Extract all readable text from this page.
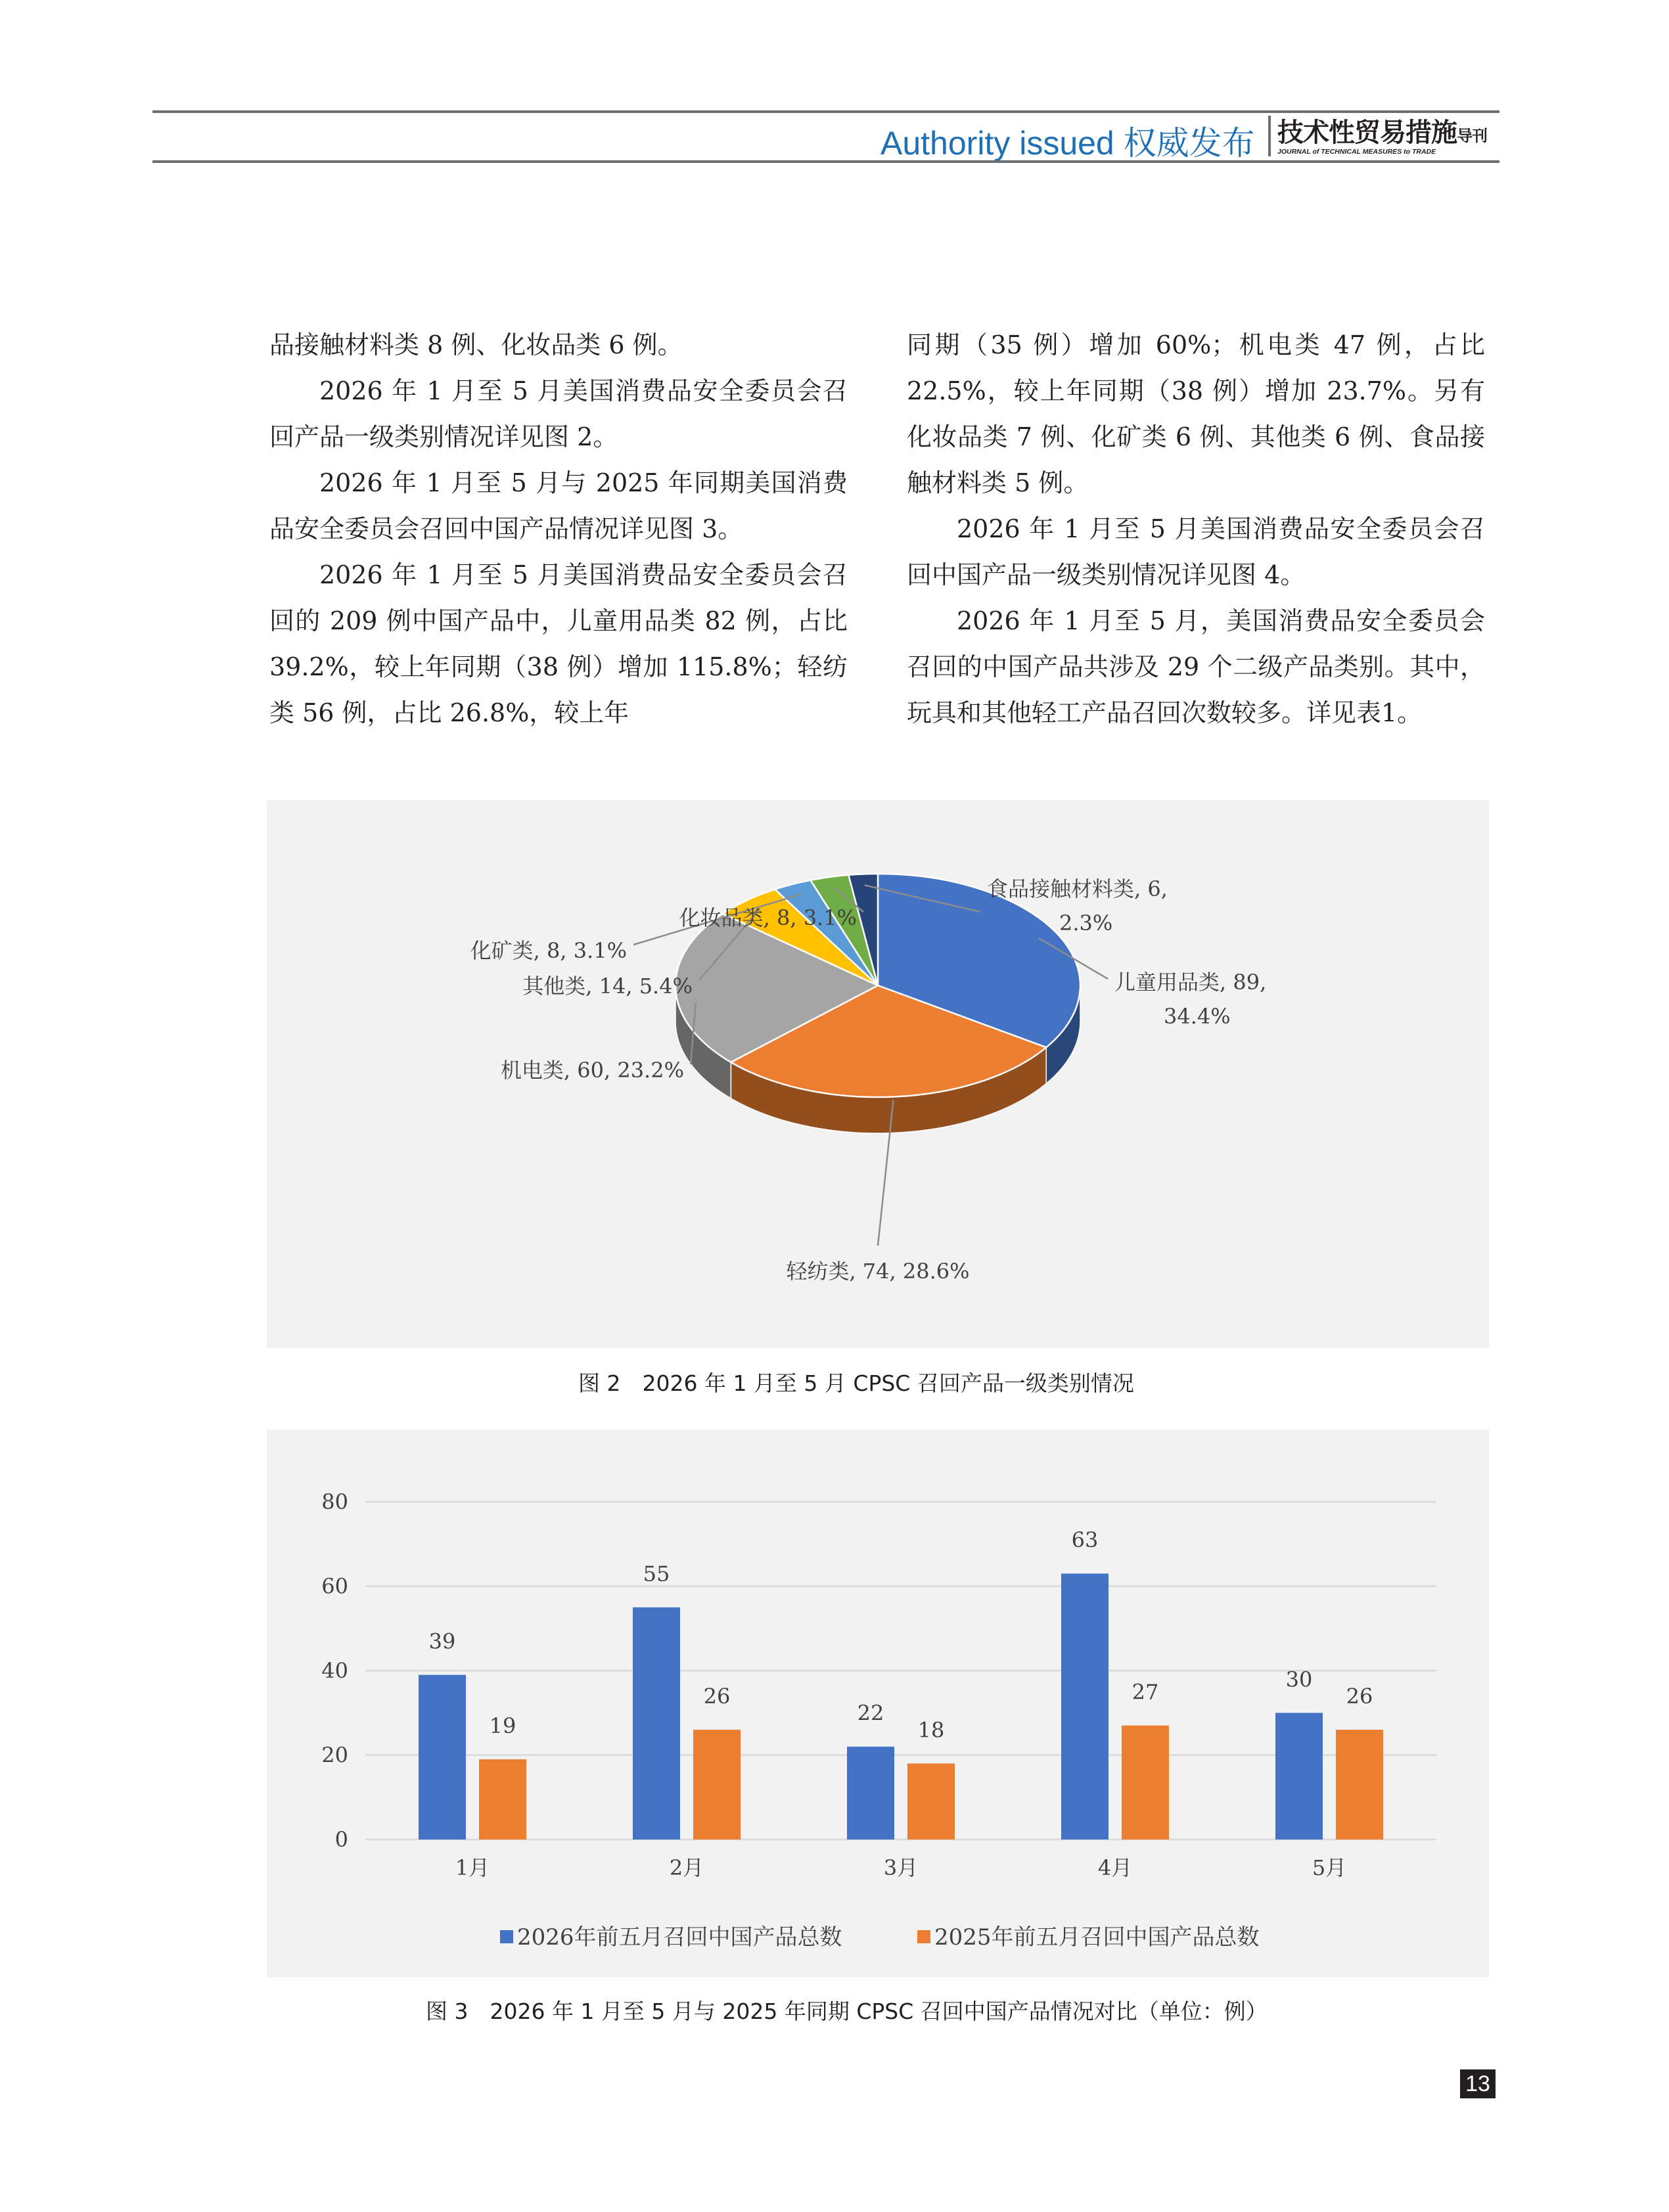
Authority issued 权威发布 技术性贸易措施导刊
JOURNAL of TECHNICAL MEASURES to TRADE

品接触材料类 8 例、化妆品类 6 例。

2026 年 1 月至 5 月美国消费品安全委员会召回产品一级类别情况详见图 2。

2026 年 1 月至 5 月与 2025 年同期美国消费品安全委员会召回中国产品情况详见图 3。

2026 年 1 月至 5 月美国消费品安全委员会召回的 209 例中国产品中，儿童用品类 82 例，占比 39.2%，较上年同期（38 例）增加 115.8%；轻纺类 56 例，占比 26.8%，较上年

同期（35 例）增加 60%；机电类 47 例，占比 22.5%，较上年同期（38 例）增加 23.7%。另有化妆品类 7 例、化矿类 6 例、其他类 6 例、食品接触材料类 5 例。

2026 年 1 月至 5 月美国消费品安全委员会召回中国产品一级类别情况详见图 4。

2026 年 1 月至 5 月，美国消费品安全委员会召回的中国产品共涉及 29 个二级产品类别。其中，玩具和其他轻工产品召回次数较多。详见表1。

儿童用品类, 89,
34.4%
轻纺类, 74, 28.6%
机电类, 60, 23.2%
其他类, 14, 5.4%
化矿类, 8, 3.1%
化妆品类, 8, 3.1%
食品接触材料类, 6,
2.3%
图 2　2026 年 1 月至 5 月 CPSC 召回产品一级类别情况
0
20
40
60
80
39
19
1月
55
26
2月
22
18
3月
63
27
4月
30
26
5月
2026年前五月召回中国产品总数	2025年前五月召回中国产品总数
图 3　2026 年 1 月至 5 月与 2025 年同期 CPSC 召回中国产品情况对比（单位：例）
13
